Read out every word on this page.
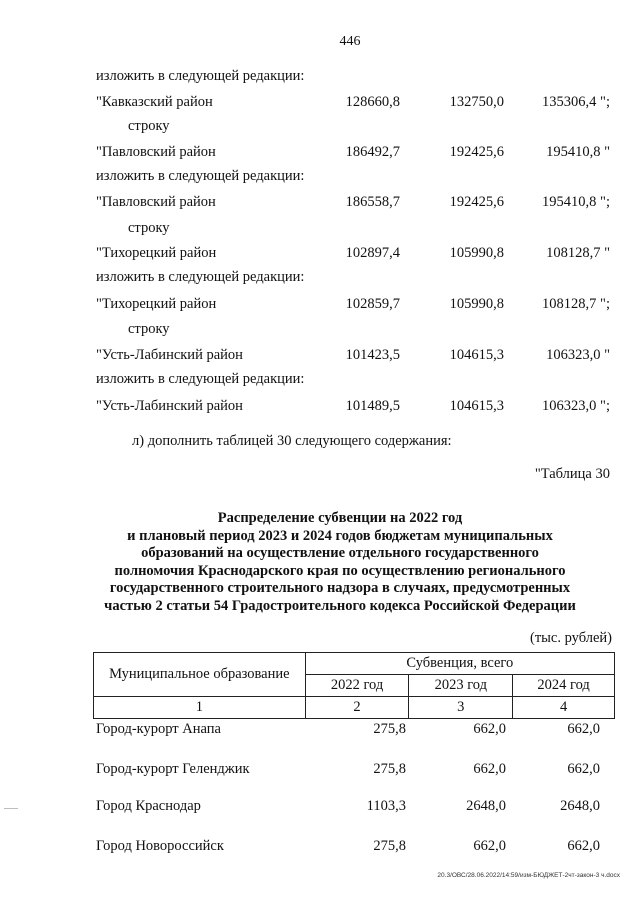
446
изложить в следующей редакции:
"Кавказский район	128660,8	132750,0	135306,4 ";
строку
"Павловский район	186492,7	192425,6	195410,8 "
изложить в следующей редакции:
"Павловский район	186558,7	192425,6	195410,8 ";
строку
"Тихорецкий район	102897,4	105990,8	108128,7 "
изложить в следующей редакции:
"Тихорецкий район	102859,7	105990,8	108128,7 ";
строку
"Усть-Лабинский район	101423,5	104615,3	106323,0 "
изложить в следующей редакции:
"Усть-Лабинский район	101489,5	104615,3	106323,0 ";
л) дополнить таблицей 30 следующего содержания:
"Таблица 30
Распределение субвенции на 2022 год
и плановый период 2023 и 2024 годов бюджетам муниципальных
образований на осуществление отдельного государственного
полномочия Краснодарского края по осуществлению регионального
государственного строительного надзора в случаях, предусмотренных
частью 2 статьи 54 Градостроительного кодекса Российской Федерации
(тыс. рублей)
Муниципальное образование	Субвенция, всего		
	2022 год	2023 год	2024 год
1	2	3	4
Город-курорт Анапа	275,8	662,0	662,0
Город-курорт Геленджик	275,8	662,0	662,0
Город Краснодар	1103,3	2648,0	2648,0
Город Новороссийск	275,8	662,0	662,0
.......
20.3/ОВС/28.06.2022/14:59/изм-БЮДЖЕТ-2чт-закон-3 ч.docx
